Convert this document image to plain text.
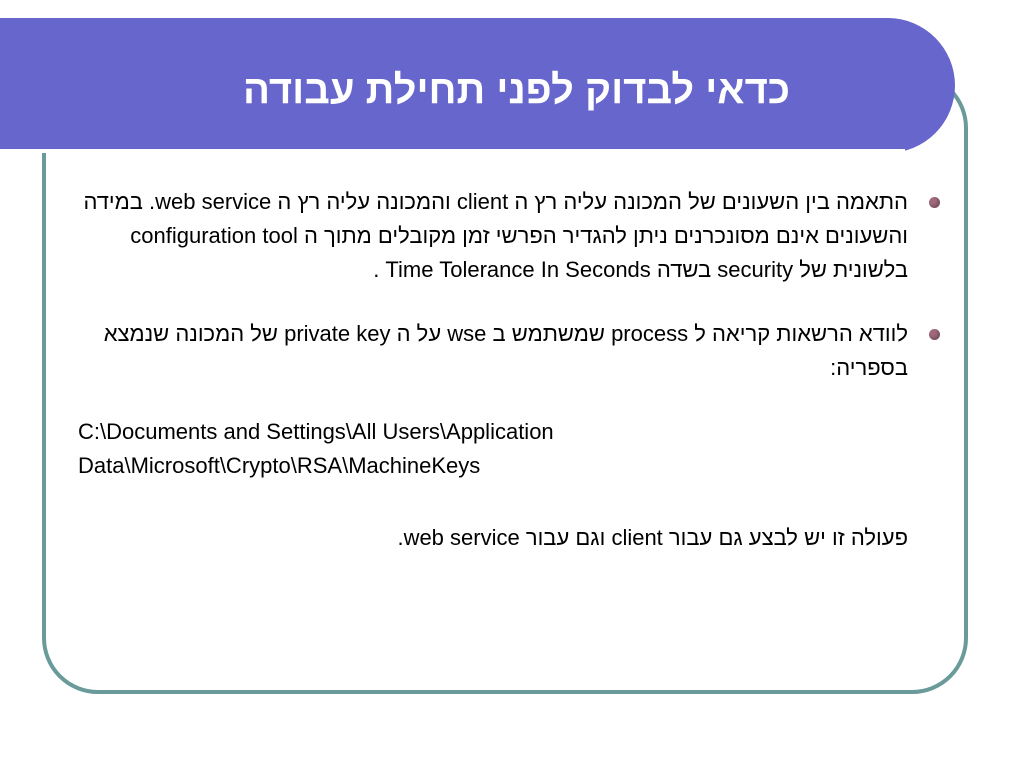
כדאי לבדוק לפני תחילת עבודה
התאמה בין השעונים של המכונה עליה רץ ה client והמכונה עליה רץ ה web service. במידה והשעונים אינם מסונכרנים ניתן להגדיר הפרשי זמן מקובלים מתוך ה configuration tool בלשונית של security בשדה Time Tolerance In Seconds .
לוודא הרשאות קריאה ל process שמשתמש ב wse על ה private key של המכונה שנמצא בספריה:
C:\Documents and Settings\All Users\Application Data\Microsoft\Crypto\RSA\MachineKeys
פעולה זו יש לבצע גם עבור client וגם עבור web service.
